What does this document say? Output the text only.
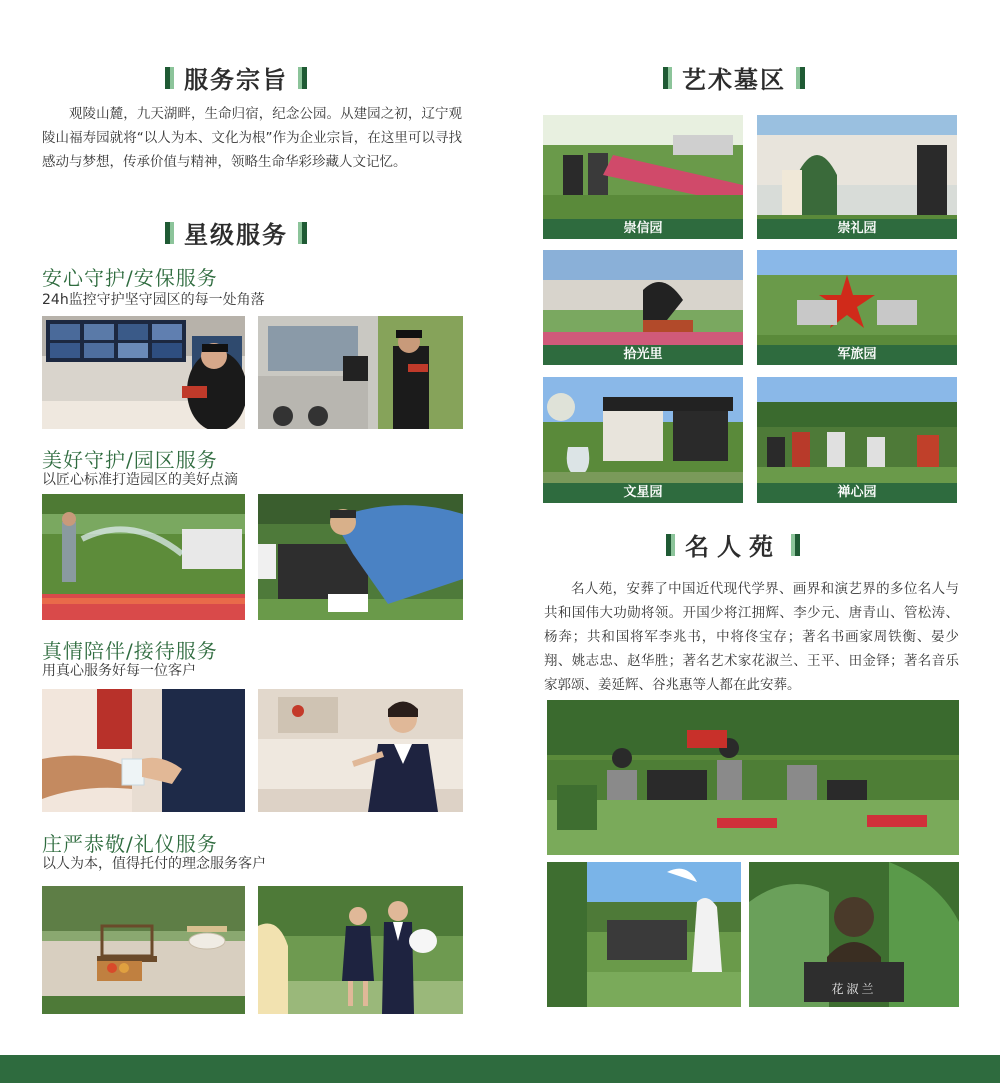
服务宗旨
观陵山麓，九天湖畔，生命归宿，纪念公园。从建园之初，辽宁观陵山福寿园就将“以人为本、文化为根”作为企业宗旨，在这里可以寻找感动与梦想，传承价值与精神，领略生命华彩珍藏人文记忆。
星级服务
安心守护/安保服务
24h监控守护坚守园区的每一处角落
美好守护/园区服务
以匠心标准打造园区的美好点滴
真情陪伴/接待服务
用真心服务好每一位客户
庄严恭敬/礼仪服务
以人为本，值得托付的理念服务客户
艺术墓区
崇信园	崇礼园
拾光里	军旅园
文星园	禅心园
名人苑
名人苑，安葬了中国近代现代学界、画界和演艺界的多位名人与共和国伟大功勋将领。开国少将江拥辉、李少元、唐青山、管松涛、杨奔；共和国将军李兆书，中将佟宝存；著名书画家周铁衡、晏少翔、姚志忠、赵华胜；著名艺术家花淑兰、王平、田金铎；著名音乐家郭颂、姜延辉、谷兆惠等人都在此安葬。
花淑兰
